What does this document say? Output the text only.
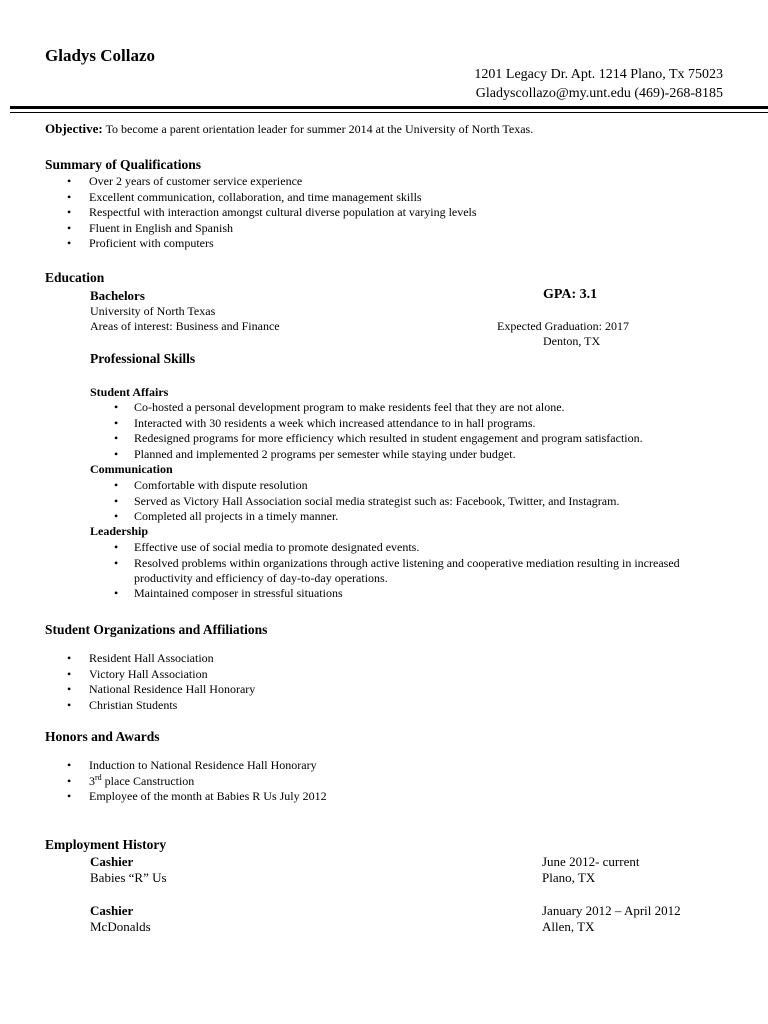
Gladys Collazo
1201 Legacy Dr. Apt. 1214 Plano, Tx 75023
Gladyscollazo@my.unt.edu (469)-268-8185
Objective: To become a parent orientation leader for summer 2014 at the University of North Texas.
Summary of Qualifications
• Over 2 years of customer service experience
• Excellent communication, collaboration, and time management skills
• Respectful with interaction amongst cultural diverse population at varying levels
• Fluent in English and Spanish
• Proficient with computers
Education
Bachelors	GPA: 3.1
University of North Texas
Areas of interest: Business and Finance	Expected Graduation: 2017
Denton, TX
Professional Skills
Student Affairs
• Co-hosted a personal development program to make residents feel that they are not alone.
• Interacted with 30 residents a week which increased attendance to in hall programs.
• Redesigned programs for more efficiency which resulted in student engagement and program satisfaction.
• Planned and implemented 2 programs per semester while staying under budget.
Communication
• Comfortable with dispute resolution
• Served as Victory Hall Association social media strategist such as: Facebook, Twitter, and Instagram.
• Completed all projects in a timely manner.
Leadership
• Effective use of social media to promote designated events.
• Resolved problems within organizations through active listening and cooperative mediation resulting in increased productivity and efficiency of day-to-day operations.
• Maintained composer in stressful situations
Student Organizations and Affiliations
• Resident Hall Association
• Victory Hall Association
• National Residence Hall Honorary
• Christian Students
Honors and Awards
• Induction to National Residence Hall Honorary
• 3rd place Canstruction
• Employee of the month at Babies R Us July 2012
Employment History
Cashier	June 2012- current
Babies “R” Us	Plano, TX
Cashier	January 2012 – April 2012
McDonalds	Allen, TX
